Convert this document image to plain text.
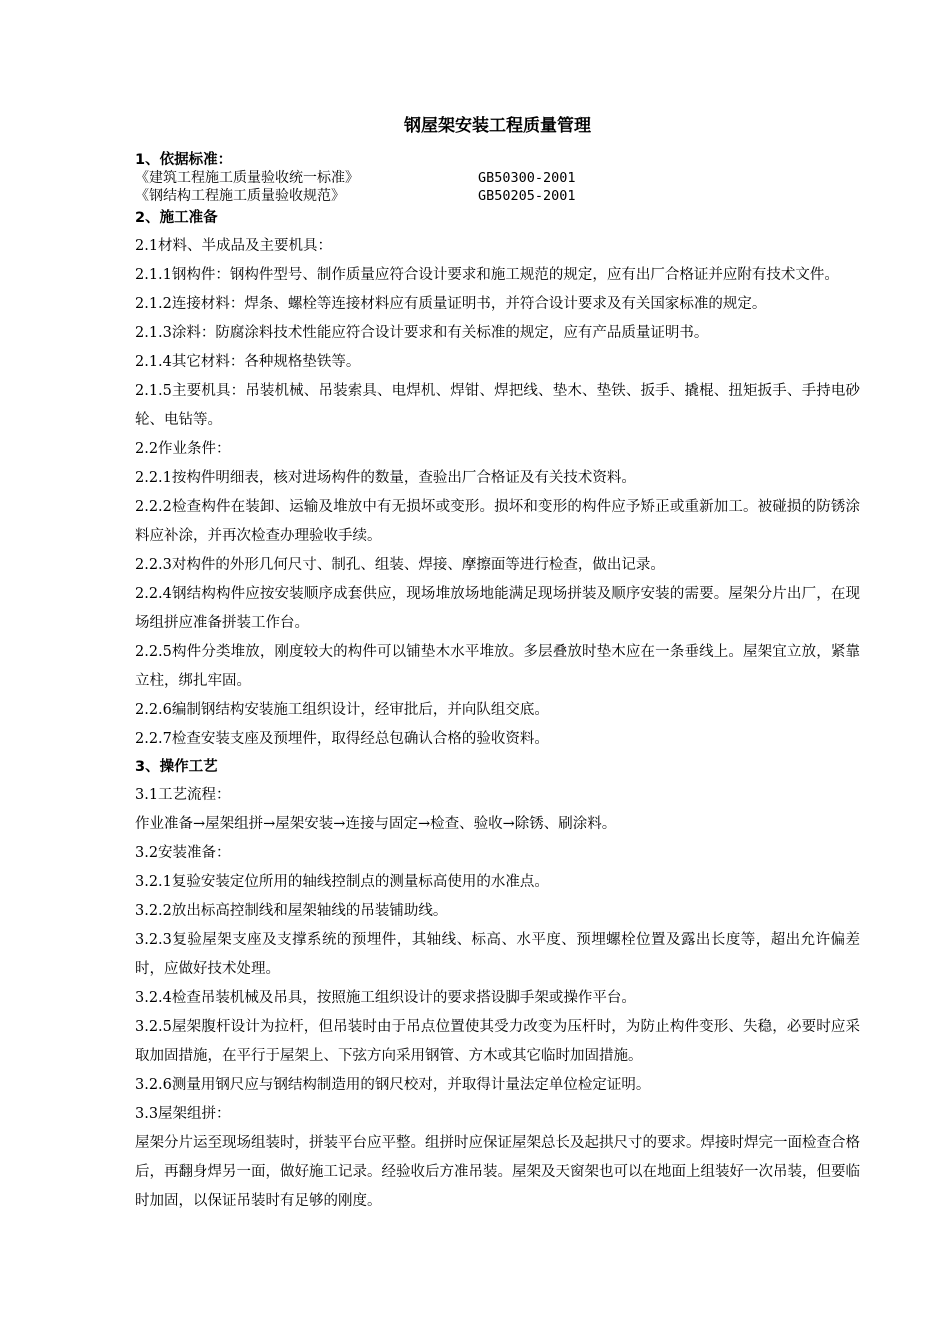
钢屋架安装工程质量管理
1、依据标准：
《建筑工程施工质量验收统一标准》	GB50300-2001
《钢结构工程施工质量验收规范》	GB50205-2001
2、施工准备

2.1材料、半成品及主要机具：

2.1.1钢构件：钢构件型号、制作质量应符合设计要求和施工规范的规定，应有出厂合格证并应附有技术文件。

2.1.2连接材料：焊条、螺栓等连接材料应有质量证明书，并符合设计要求及有关国家标准的规定。

2.1.3涂料：防腐涂料技术性能应符合设计要求和有关标准的规定，应有产品质量证明书。

2.1.4其它材料：各种规格垫铁等。

2.1.5主要机具：吊装机械、吊装索具、电焊机、焊钳、焊把线、垫木、垫铁、扳手、撬棍、扭矩扳手、手持电砂轮、电钻等。

2.2作业条件：

2.2.1按构件明细表，核对进场构件的数量，查验出厂合格证及有关技术资料。

2.2.2检查构件在装卸、运输及堆放中有无损坏或变形。损坏和变形的构件应予矫正或重新加工。被碰损的防锈涂料应补涂，并再次检查办理验收手续。

2.2.3对构件的外形几何尺寸、制孔、组装、焊接、摩擦面等进行检查，做出记录。

2.2.4钢结构构件应按安装顺序成套供应，现场堆放场地能满足现场拼装及顺序安装的需要。屋架分片出厂，在现场组拼应准备拼装工作台。

2.2.5构件分类堆放，刚度较大的构件可以铺垫木水平堆放。多层叠放时垫木应在一条垂线上。屋架宜立放，紧靠立柱，绑扎牢固。

2.2.6编制钢结构安装施工组织设计，经审批后，并向队组交底。

2.2.7检查安装支座及预埋件，取得经总包确认合格的验收资料。

3、操作工艺

3.1工艺流程：

作业准备→屋架组拼→屋架安装→连接与固定→检查、验收→除锈、刷涂料。

3.2安装准备：

3.2.1复验安装定位所用的轴线控制点的测量标高使用的水准点。

3.2.2放出标高控制线和屋架轴线的吊装铺助线。

3.2.3复验屋架支座及支撑系统的预埋件，其轴线、标高、水平度、预埋螺栓位置及露出长度等，超出允许偏差时，应做好技术处理。

3.2.4检查吊装机械及吊具，按照施工组织设计的要求搭设脚手架或操作平台。

3.2.5屋架腹杆设计为拉杆，但吊装时由于吊点位置使其受力改变为压杆时，为防止构件变形、失稳，必要时应采取加固措施，在平行于屋架上、下弦方向采用钢管、方木或其它临时加固措施。

3.2.6测量用钢尺应与钢结构制造用的钢尺校对，并取得计量法定单位检定证明。

3.3屋架组拼：

屋架分片运至现场组装时，拼装平台应平整。组拼时应保证屋架总长及起拱尺寸的要求。焊接时焊完一面检查合格后，再翻身焊另一面，做好施工记录。经验收后方准吊装。屋架及天窗架也可以在地面上组装好一次吊装，但要临时加固，以保证吊装时有足够的刚度。
